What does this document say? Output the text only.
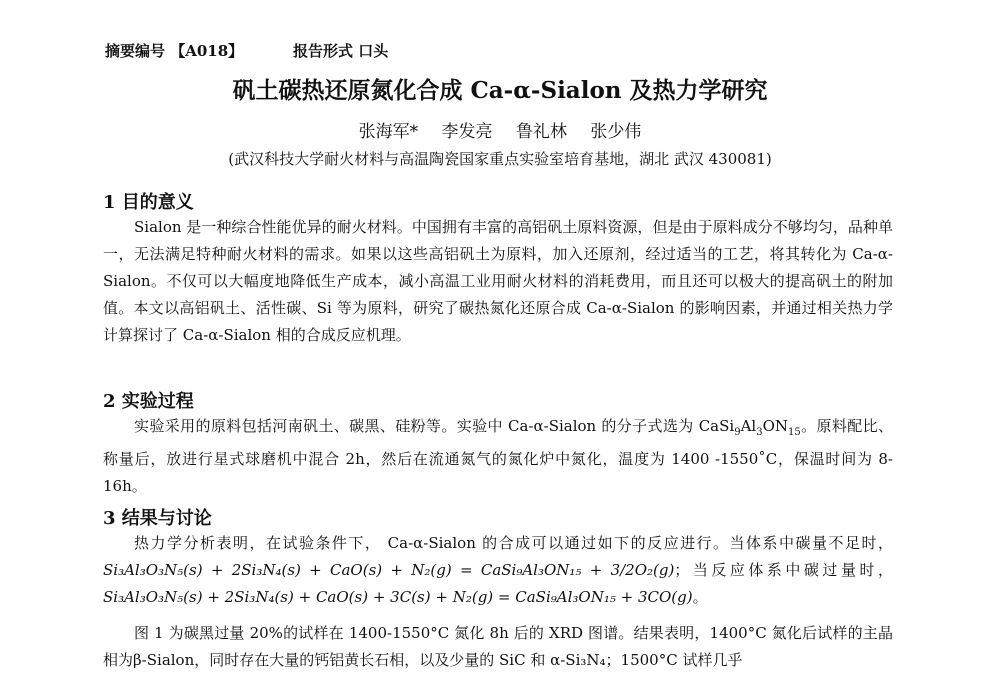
摘要编号 【A018】	报告形式 口头
矾土碳热还原氮化合成 Ca-α-Sialon 及热力学研究
张海军* 李发亮 鲁礼林 张少伟
(武汉科技大学耐火材料与高温陶瓷国家重点实验室培育基地，湖北 武汉 430081)
1 目的意义
Sialon 是一种综合性能优异的耐火材料。中国拥有丰富的高铝矾土原料资源，但是由于原料成分不够均匀，品种单一，无法满足特种耐火材料的需求。如果以这些高铝矾土为原料，加入还原剂，经过适当的工艺，将其转化为 Ca-α-Sialon。不仅可以大幅度地降低生产成本，减小高温工业用耐火材料的消耗费用，而且还可以极大的提高矾土的附加值。本文以高铝矾土、活性碳、Si 等为原料，研究了碳热氮化还原合成 Ca-α-Sialon 的影响因素，并通过相关热力学计算探讨了 Ca-α-Sialon 相的合成反应机理。
2 实验过程
实验采用的原料包括河南矾土、碳黑、硅粉等。实验中 Ca-α-Sialon 的分子式选为 $CaSi_9Al_3ON_{15}$。原料配比、称量后，放进行星式球磨机中混合 2h，然后在流通氮气的氮化炉中氮化，温度为 1400 -1550˚C，保温时间为 8-16h。
3 结果与讨论
热力学分析表明，在试验条件下， Ca-α-Sialon 的合成可以通过如下的反应进行。当体系中碳量不足时，Si₃Al₃O₃N₅(s) + 2Si₃N₄(s) + CaO(s) + N₂(g) = CaSi₉Al₃ON₁₅ + 3/2O₂(g)；当反应体系中碳过量时，Si₃Al₃O₃N₅(s) + 2Si₃N₄(s) + CaO(s) + 3C(s) + N₂(g) = CaSi₉Al₃ON₁₅ + 3CO(g)。
图 1 为碳黑过量 20%的试样在 1400-1550°C 氮化 8h 后的 XRD 图谱。结果表明，1400°C 氮化后试样的主晶相为β-Sialon，同时存在大量的钙铝黄长石相，以及少量的 SiC 和 α-Si₃N₄；1500°C 试样几乎
